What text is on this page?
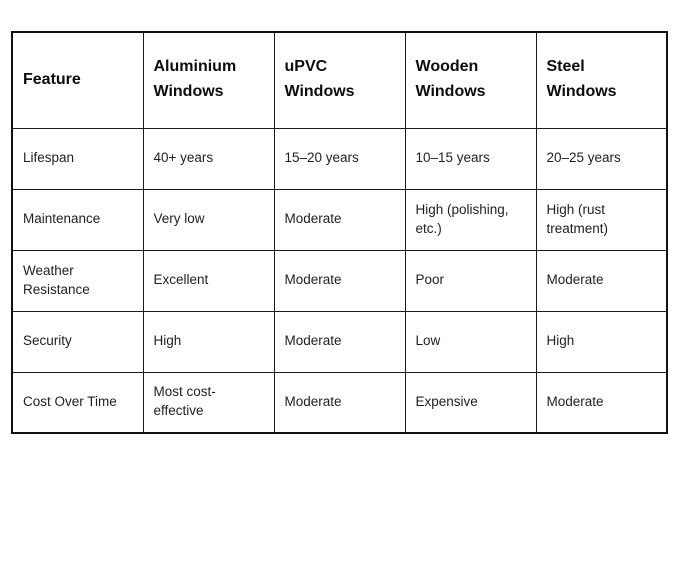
Feature	Aluminium Windows	uPVC Windows	Wooden Windows	Steel Windows
Lifespan	40+ years	15–20 years	10–15 years	20–25 years
Maintenance	Very low	Moderate	High (polishing, etc.)	High (rust treatment)
Weather Resistance	Excellent	Moderate	Poor	Moderate
Security	High	Moderate	Low	High
Cost Over Time	Most cost-effective	Moderate	Expensive	Moderate
